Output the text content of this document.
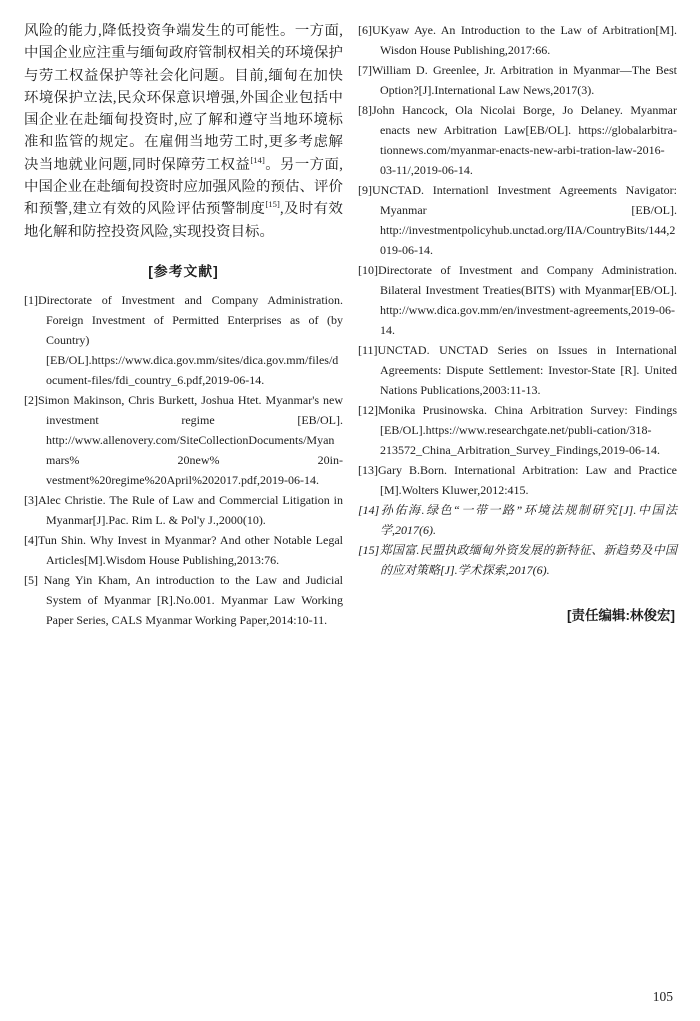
风险的能力,降低投资争端发生的可能性。一方面,中国企业应注重与缅甸政府管制权相关的环境保护与劳工权益保护等社会化问题。目前,缅甸在加快环境保护立法,民众环保意识增强,外国企业包括中国企业在赴缅甸投资时,应了解和遵守当地环境标准和监管的规定。在雇佣当地劳工时,更多考虑解决当地就业问题,同时保障劳工权益[14]。另一方面,中国企业在赴缅甸投资时应加强风险的预估、评价和预警,建立有效的风险评估预警制度[15],及时有效地化解和防控投资风险,实现投资目标。

[参考文献]

[1]Directorate of Investment and Company Administration. Foreign Investment of Permitted Enterprises as of (by Country)[EB/OL].https://www.dica.gov.mm/sites/dica.gov.mm/files/document-files/fdi_country_6.pdf,2019-06-14.

[2]Simon Makinson, Chris Burkett, Joshua Htet. Myanmar's new investment regime [EB/OL]. http://www.allenovery.com/SiteCollectionDocuments/Myanmars% 20new% 20in-vestment%20regime%20April%202017.pdf,2019-06-14.

[3]Alec Christie. The Rule of Law and Commercial Litigation in Myanmar[J].Pac. Rim L. & Pol'y J.,2000(10).

[4]Tun Shin. Why Invest in Myanmar? And other Notable Legal Articles[M].Wisdom House Publishing,2013:76.

[5] Nang Yin Kham, An introduction to the Law and Judicial System of Myanmar [R].No.001. Myanmar Law Working Paper Series, CALS Myanmar Working Paper,2014:10-11.

[6]UKyaw Aye. An Introduction to the Law of Arbitration[M]. Wisdon House Publishing,2017:66.

[7]William D. Greenlee, Jr. Arbitration in Myanmar—The Best Option?[J].International Law News,2017(3).

[8]John Hancock, Ola Nicolai Borge, Jo Delaney. Myanmar enacts new Arbitration Law[EB/OL]. https://globalarbitra-tionnews.com/myanmar-enacts-new-arbi-tration-law-2016-03-11/,2019-06-14.

[9]UNCTAD. Internationl Investment Agreements Navigator: Myanmar [EB/OL]. http://investmentpolicyhub.unctad.org/IIA/CountryBits/144,2019-06-14.

[10]Directorate of Investment and Company Administration. Bilateral Investment Treaties(BITS) with Myanmar[EB/OL]. http://www.dica.gov.mm/en/investment-agreements,2019-06-14.

[11]UNCTAD. UNCTAD Series on Issues in International Agreements: Dispute Settlement: Investor-State [R]. United Nations Publications,2003:11-13.

[12]Monika Prusinowska. China Arbitration Survey: Findings [EB/OL].https://www.researchgate.net/publi-cation/318-213572_China_Arbitration_Survey_Findings,2019-06-14.

[13]Gary B.Born. International Arbitration: Law and Practice [M].Wolters Kluwer,2012:415.

[14]孙佑海.绿色“一带一路”环境法规制研究[J].中国法学,2017(6).

[15]郑国富.民盟执政缅甸外资发展的新特征、新趋势及中国的应对策略[J].学术探索,2017(6).

[责任编辑:林俊宏]

105
